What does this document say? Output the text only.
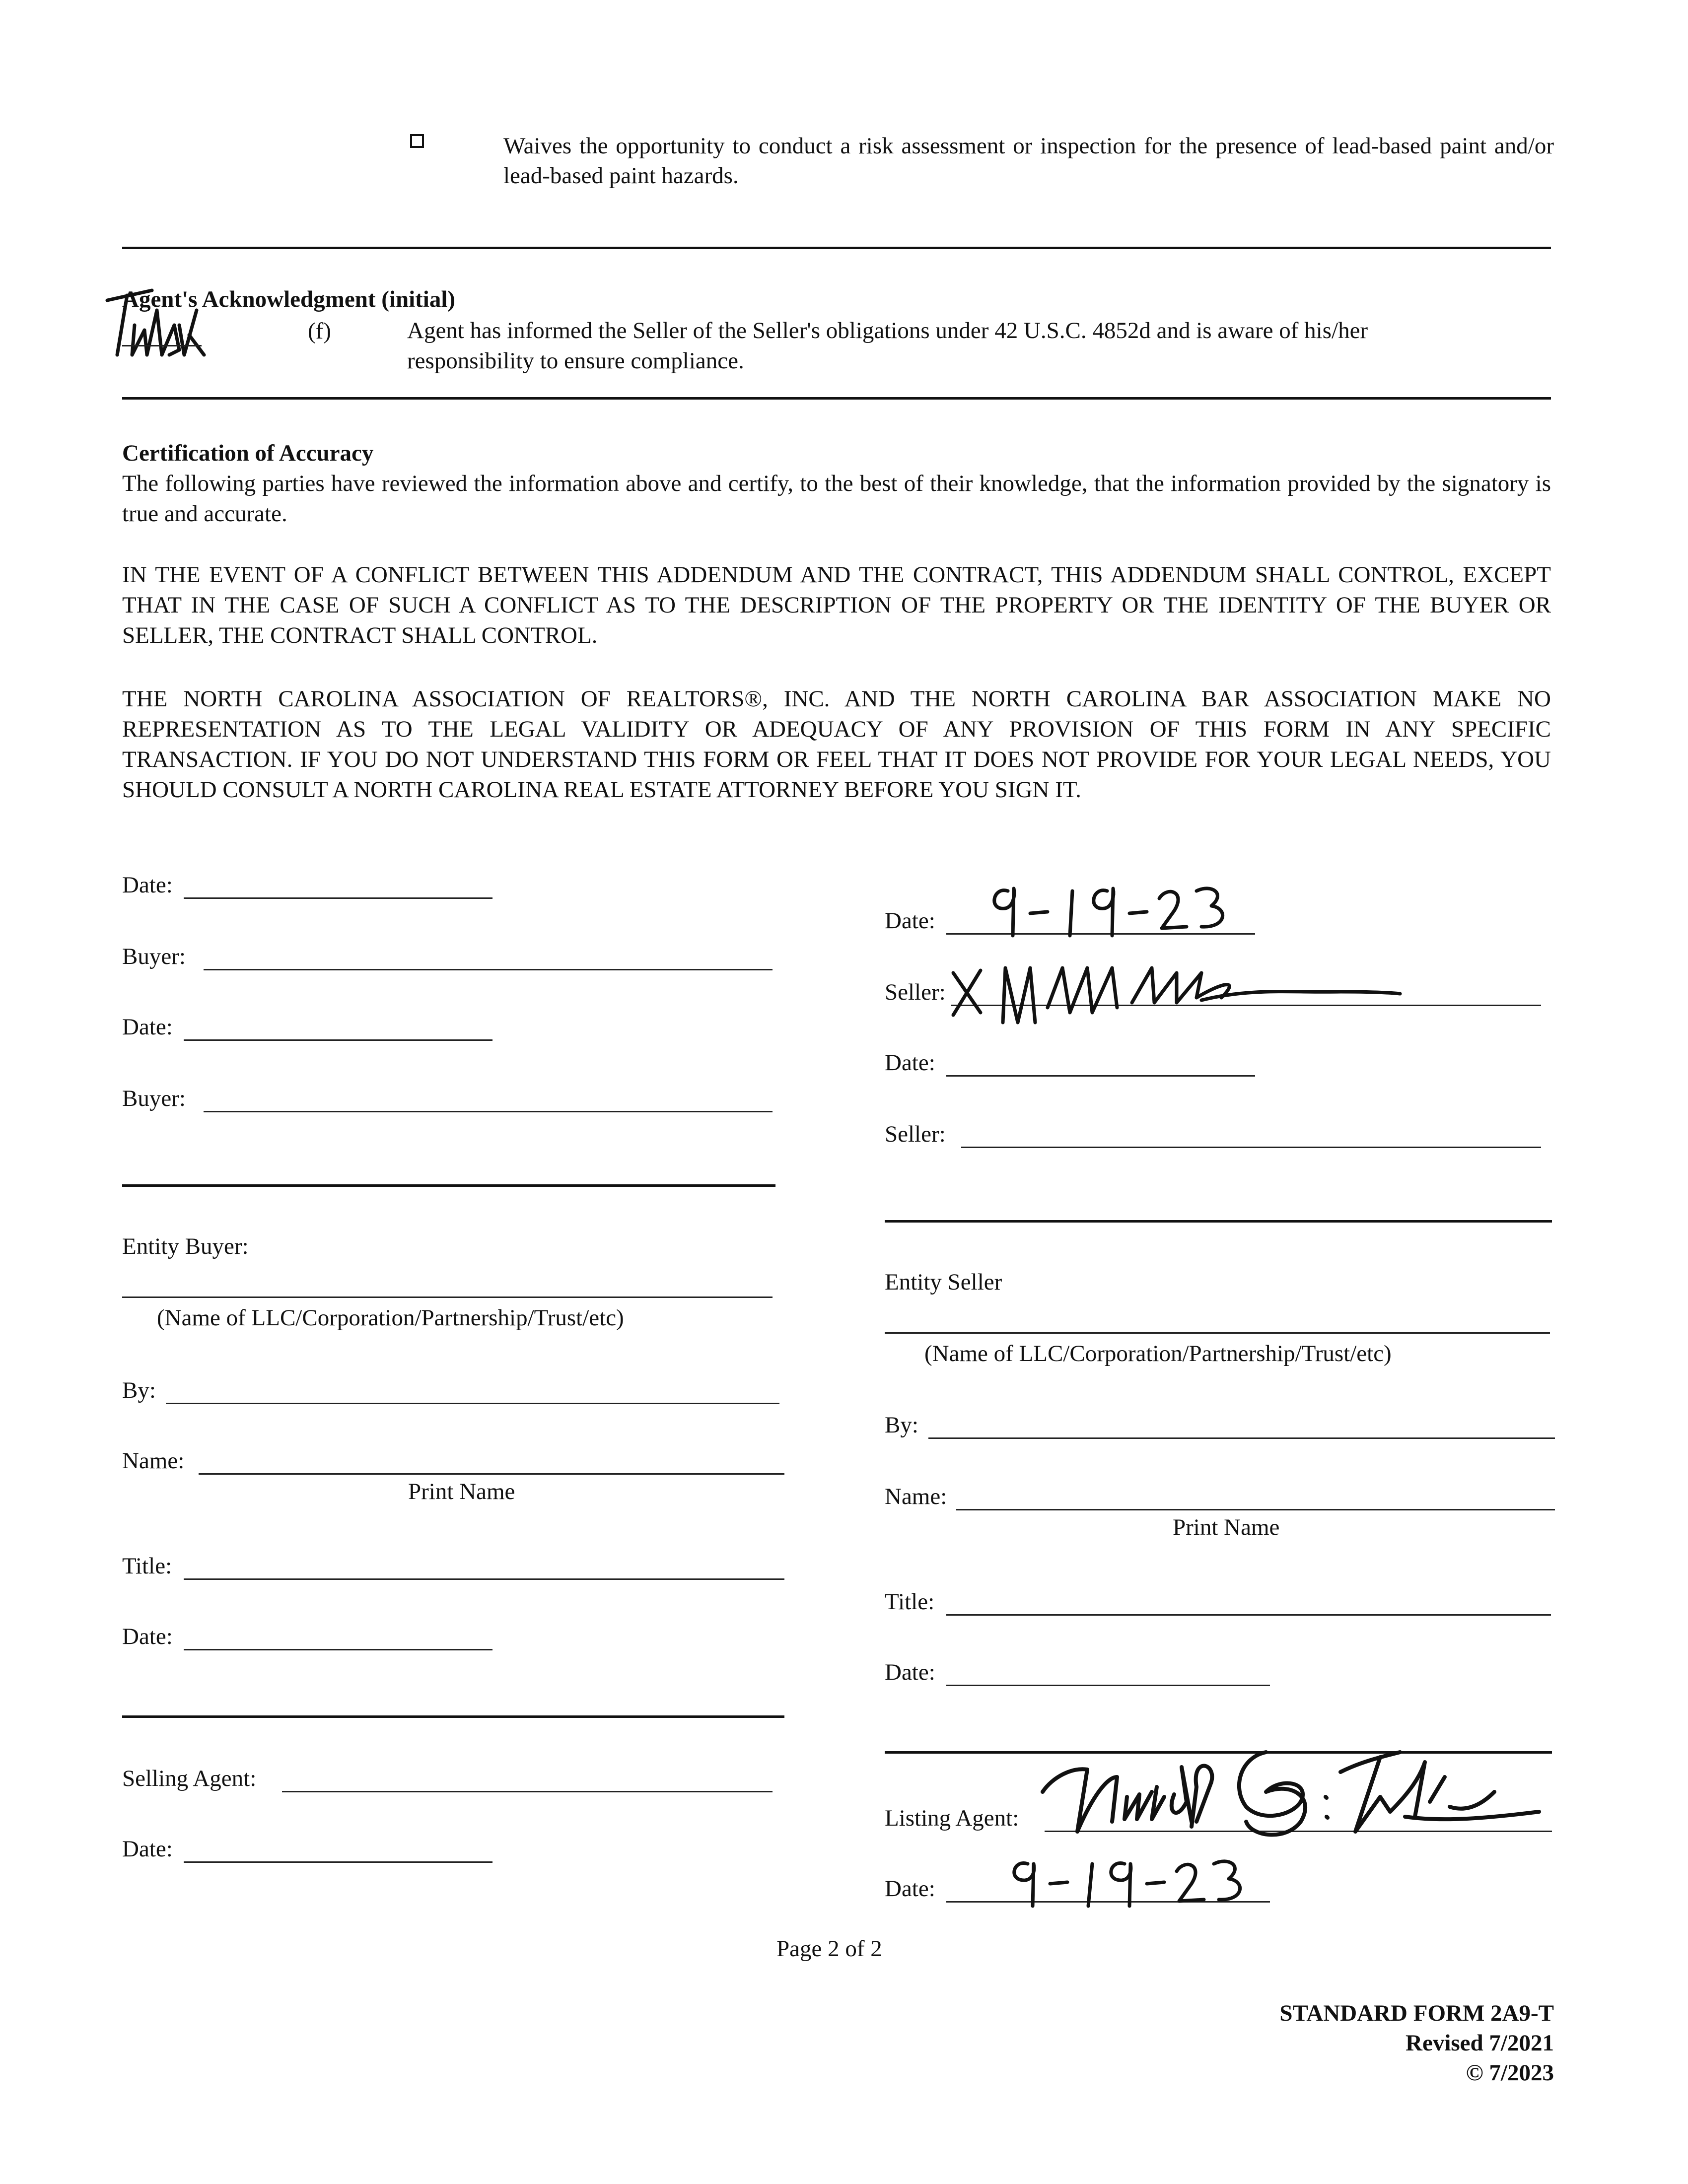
Waives the opportunity to conduct a risk assessment or inspection for the presence of lead-based paint and/or lead-based paint hazards.
Agent's Acknowledgment (initial)
(f)	Agent has informed the Seller of the Seller's obligations under 42 U.S.C. 4852d and is aware of his/her responsibility to ensure compliance.
Certification of Accuracy
The following parties have reviewed the information above and certify, to the best of their knowledge, that the information provided by the signatory is true and accurate.
IN THE EVENT OF A CONFLICT BETWEEN THIS ADDENDUM AND THE CONTRACT, THIS ADDENDUM SHALL CONTROL, EXCEPT THAT IN THE CASE OF SUCH A CONFLICT AS TO THE DESCRIPTION OF THE PROPERTY OR THE IDENTITY OF THE BUYER OR SELLER, THE CONTRACT SHALL CONTROL.
THE NORTH CAROLINA ASSOCIATION OF REALTORS®, INC. AND THE NORTH CAROLINA BAR ASSOCIATION MAKE NO REPRESENTATION AS TO THE LEGAL VALIDITY OR ADEQUACY OF ANY PROVISION OF THIS FORM IN ANY SPECIFIC TRANSACTION. IF YOU DO NOT UNDERSTAND THIS FORM OR FEEL THAT IT DOES NOT PROVIDE FOR YOUR LEGAL NEEDS, YOU SHOULD CONSULT A NORTH CAROLINA REAL ESTATE ATTORNEY BEFORE YOU SIGN IT.
Date:
Buyer:
Date:
Buyer:
Entity Buyer:
(Name of LLC/Corporation/Partnership/Trust/etc)
By:
Name:
Print Name
Title:
Date:
Selling Agent:
Date:
Date:
Seller:
Date:
Seller:
Entity Seller
(Name of LLC/Corporation/Partnership/Trust/etc)
By:
Name:
Print Name
Title:
Date:
Listing Agent:
Date:
Page 2 of 2
STANDARD FORM 2A9-T
Revised 7/2021
© 7/2023
